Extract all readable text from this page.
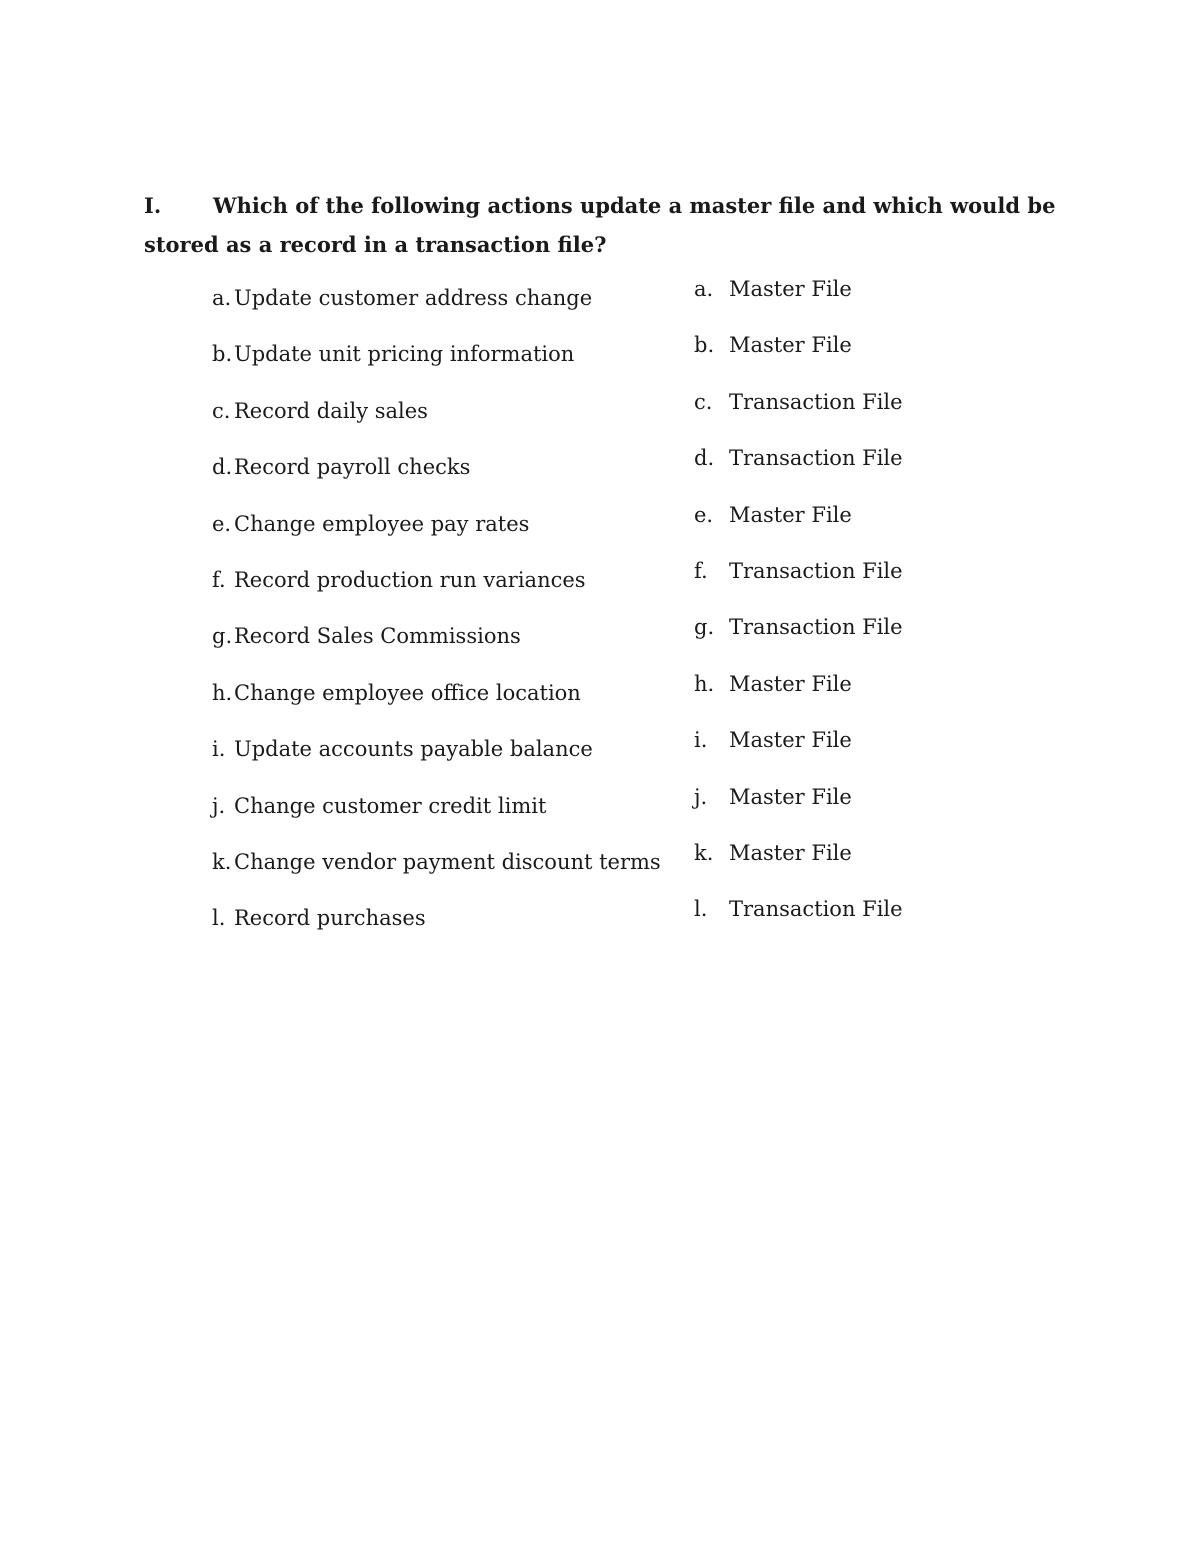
I. Which of the following actions update a master file and which would be stored as a record in a transaction file?
a. Update customer address change
b.Update unit pricing information
c. Record daily sales
d.Record payroll checks
e. Change employee pay rates
f. Record production run variances
g.Record Sales Commissions
h.Change employee office location
i. Update accounts payable balance
j. Change customer credit limit
k. Change vendor payment discount terms
l. Record purchases
a. Master File
b. Master File
c. Transaction File
d. Transaction File
e. Master File
f. Transaction File
g. Transaction File
h. Master File
i. Master File
j. Master File
k. Master File
l. Transaction File
